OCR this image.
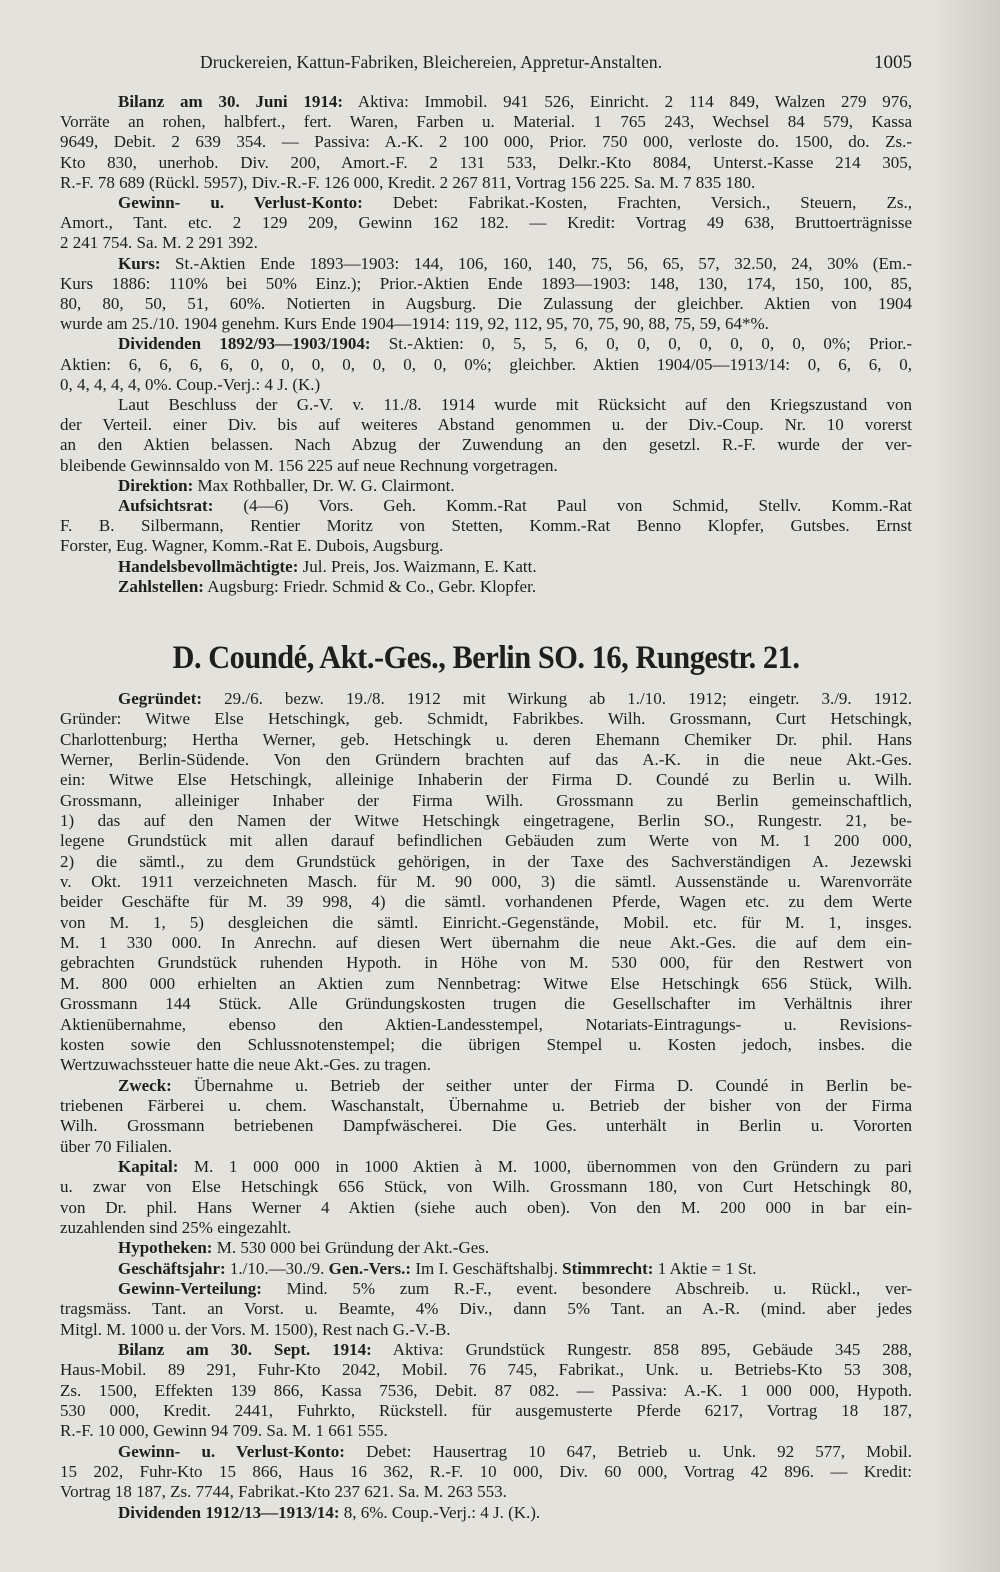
Druckereien, Kattun-Fabriken, Bleichereien, Appretur-Anstalten.	1005
Bilanz am 30. Juni 1914: Aktiva: Immobil. 941 526, Einricht. 2 114 849, Walzen 279 976,
Vorräte an rohen, halbfert., fert. Waren, Farben u. Material. 1 765 243, Wechsel 84 579, Kassa
9649, Debit. 2 639 354. — Passiva: A.-K. 2 100 000, Prior. 750 000, verloste do. 1500, do. Zs.-
Kto 830, unerhob. Div. 200, Amort.-F. 2 131 533, Delkr.-Kto 8084, Unterst.-Kasse 214 305,
R.-F. 78 689 (Rückl. 5957), Div.-R.-F. 126 000, Kredit. 2 267 811, Vortrag 156 225. Sa. M. 7 835 180.
Gewinn- u. Verlust-Konto: Debet: Fabrikat.-Kosten, Frachten, Versich., Steuern, Zs.,
Amort., Tant. etc. 2 129 209, Gewinn 162 182. — Kredit: Vortrag 49 638, Bruttoerträgnisse
2 241 754. Sa. M. 2 291 392.
Kurs: St.-Aktien Ende 1893—1903: 144, 106, 160, 140, 75, 56, 65, 57, 32.50, 24, 30% (Em.-
Kurs 1886: 110% bei 50% Einz.); Prior.-Aktien Ende 1893—1903: 148, 130, 174, 150, 100, 85,
80, 80, 50, 51, 60%. Notierten in Augsburg. Die Zulassung der gleichber. Aktien von 1904
wurde am 25./10. 1904 genehm. Kurs Ende 1904—1914: 119, 92, 112, 95, 70, 75, 90, 88, 75, 59, 64*%.
Dividenden 1892/93—1903/1904: St.-Aktien: 0, 5, 5, 6, 0, 0, 0, 0, 0, 0, 0, 0%; Prior.-
Aktien: 6, 6, 6, 6, 0, 0, 0, 0, 0, 0, 0, 0%; gleichber. Aktien 1904/05—1913/14: 0, 6, 6, 0,
0, 4, 4, 4, 4, 0%. Coup.-Verj.: 4 J. (K.)
Laut Beschluss der G.-V. v. 11./8. 1914 wurde mit Rücksicht auf den Kriegszustand von
der Verteil. einer Div. bis auf weiteres Abstand genommen u. der Div.-Coup. Nr. 10 vorerst
an den Aktien belassen. Nach Abzug der Zuwendung an den gesetzl. R.-F. wurde der ver-
bleibende Gewinnsaldo von M. 156 225 auf neue Rechnung vorgetragen.
Direktion: Max Rothballer, Dr. W. G. Clairmont.
Aufsichtsrat: (4—6) Vors. Geh. Komm.-Rat Paul von Schmid, Stellv. Komm.-Rat
F. B. Silbermann, Rentier Moritz von Stetten, Komm.-Rat Benno Klopfer, Gutsbes. Ernst
Forster, Eug. Wagner, Komm.-Rat E. Dubois, Augsburg.
Handelsbevollmächtigte: Jul. Preis, Jos. Waizmann, E. Katt.
Zahlstellen: Augsburg: Friedr. Schmid & Co., Gebr. Klopfer.
D. Coundé, Akt.-Ges., Berlin SO. 16, Rungestr. 21.
Gegründet: 29./6. bezw. 19./8. 1912 mit Wirkung ab 1./10. 1912; eingetr. 3./9. 1912.
Gründer: Witwe Else Hetschingk, geb. Schmidt, Fabrikbes. Wilh. Grossmann, Curt Hetschingk,
Charlottenburg; Hertha Werner, geb. Hetschingk u. deren Ehemann Chemiker Dr. phil. Hans
Werner, Berlin-Südende. Von den Gründern brachten auf das A.-K. in die neue Akt.-Ges.
ein: Witwe Else Hetschingk, alleinige Inhaberin der Firma D. Coundé zu Berlin u. Wilh.
Grossmann, alleiniger Inhaber der Firma Wilh. Grossmann zu Berlin gemeinschaftlich,
1) das auf den Namen der Witwe Hetschingk eingetragene, Berlin SO., Rungestr. 21, be-
legene Grundstück mit allen darauf befindlichen Gebäuden zum Werte von M. 1 200 000,
2) die sämtl., zu dem Grundstück gehörigen, in der Taxe des Sachverständigen A. Jezewski
v. Okt. 1911 verzeichneten Masch. für M. 90 000, 3) die sämtl. Aussenstände u. Warenvorräte
beider Geschäfte für M. 39 998, 4) die sämtl. vorhandenen Pferde, Wagen etc. zu dem Werte
von M. 1, 5) desgleichen die sämtl. Einricht.-Gegenstände, Mobil. etc. für M. 1, insges.
M. 1 330 000. In Anrechn. auf diesen Wert übernahm die neue Akt.-Ges. die auf dem ein-
gebrachten Grundstück ruhenden Hypoth. in Höhe von M. 530 000, für den Restwert von
M. 800 000 erhielten an Aktien zum Nennbetrag: Witwe Else Hetschingk 656 Stück, Wilh.
Grossmann 144 Stück. Alle Gründungskosten trugen die Gesellschafter im Verhältnis ihrer
Aktienübernahme, ebenso den Aktien-Landesstempel, Notariats-Eintragungs- u. Revisions-
kosten sowie den Schlussnotenstempel; die übrigen Stempel u. Kosten jedoch, insbes. die
Wertzuwachssteuer hatte die neue Akt.-Ges. zu tragen.
Zweck: Übernahme u. Betrieb der seither unter der Firma D. Coundé in Berlin be-
triebenen Färberei u. chem. Waschanstalt, Übernahme u. Betrieb der bisher von der Firma
Wilh. Grossmann betriebenen Dampfwäscherei. Die Ges. unterhält in Berlin u. Vororten
über 70 Filialen.
Kapital: M. 1 000 000 in 1000 Aktien à M. 1000, übernommen von den Gründern zu pari
u. zwar von Else Hetschingk 656 Stück, von Wilh. Grossmann 180, von Curt Hetschingk 80,
von Dr. phil. Hans Werner 4 Aktien (siehe auch oben). Von den M. 200 000 in bar ein-
zuzahlenden sind 25% eingezahlt.
Hypotheken: M. 530 000 bei Gründung der Akt.-Ges.
Geschäftsjahr: 1./10.—30./9. Gen.-Vers.: Im I. Geschäftshalbj. Stimmrecht: 1 Aktie = 1 St.
Gewinn-Verteilung: Mind. 5% zum R.-F., event. besondere Abschreib. u. Rückl., ver-
tragsmäss. Tant. an Vorst. u. Beamte, 4% Div., dann 5% Tant. an A.-R. (mind. aber jedes
Mitgl. M. 1000 u. der Vors. M. 1500), Rest nach G.-V.-B.
Bilanz am 30. Sept. 1914: Aktiva: Grundstück Rungestr. 858 895, Gebäude 345 288,
Haus-Mobil. 89 291, Fuhr-Kto 2042, Mobil. 76 745, Fabrikat., Unk. u. Betriebs-Kto 53 308,
Zs. 1500, Effekten 139 866, Kassa 7536, Debit. 87 082. — Passiva: A.-K. 1 000 000, Hypoth.
530 000, Kredit. 2441, Fuhrkto, Rückstell. für ausgemusterte Pferde 6217, Vortrag 18 187,
R.-F. 10 000, Gewinn 94 709. Sa. M. 1 661 555.
Gewinn- u. Verlust-Konto: Debet: Hausertrag 10 647, Betrieb u. Unk. 92 577, Mobil.
15 202, Fuhr-Kto 15 866, Haus 16 362, R.-F. 10 000, Div. 60 000, Vortrag 42 896. — Kredit:
Vortrag 18 187, Zs. 7744, Fabrikat.-Kto 237 621. Sa. M. 263 553.
Dividenden 1912/13—1913/14: 8, 6%. Coup.-Verj.: 4 J. (K.).
